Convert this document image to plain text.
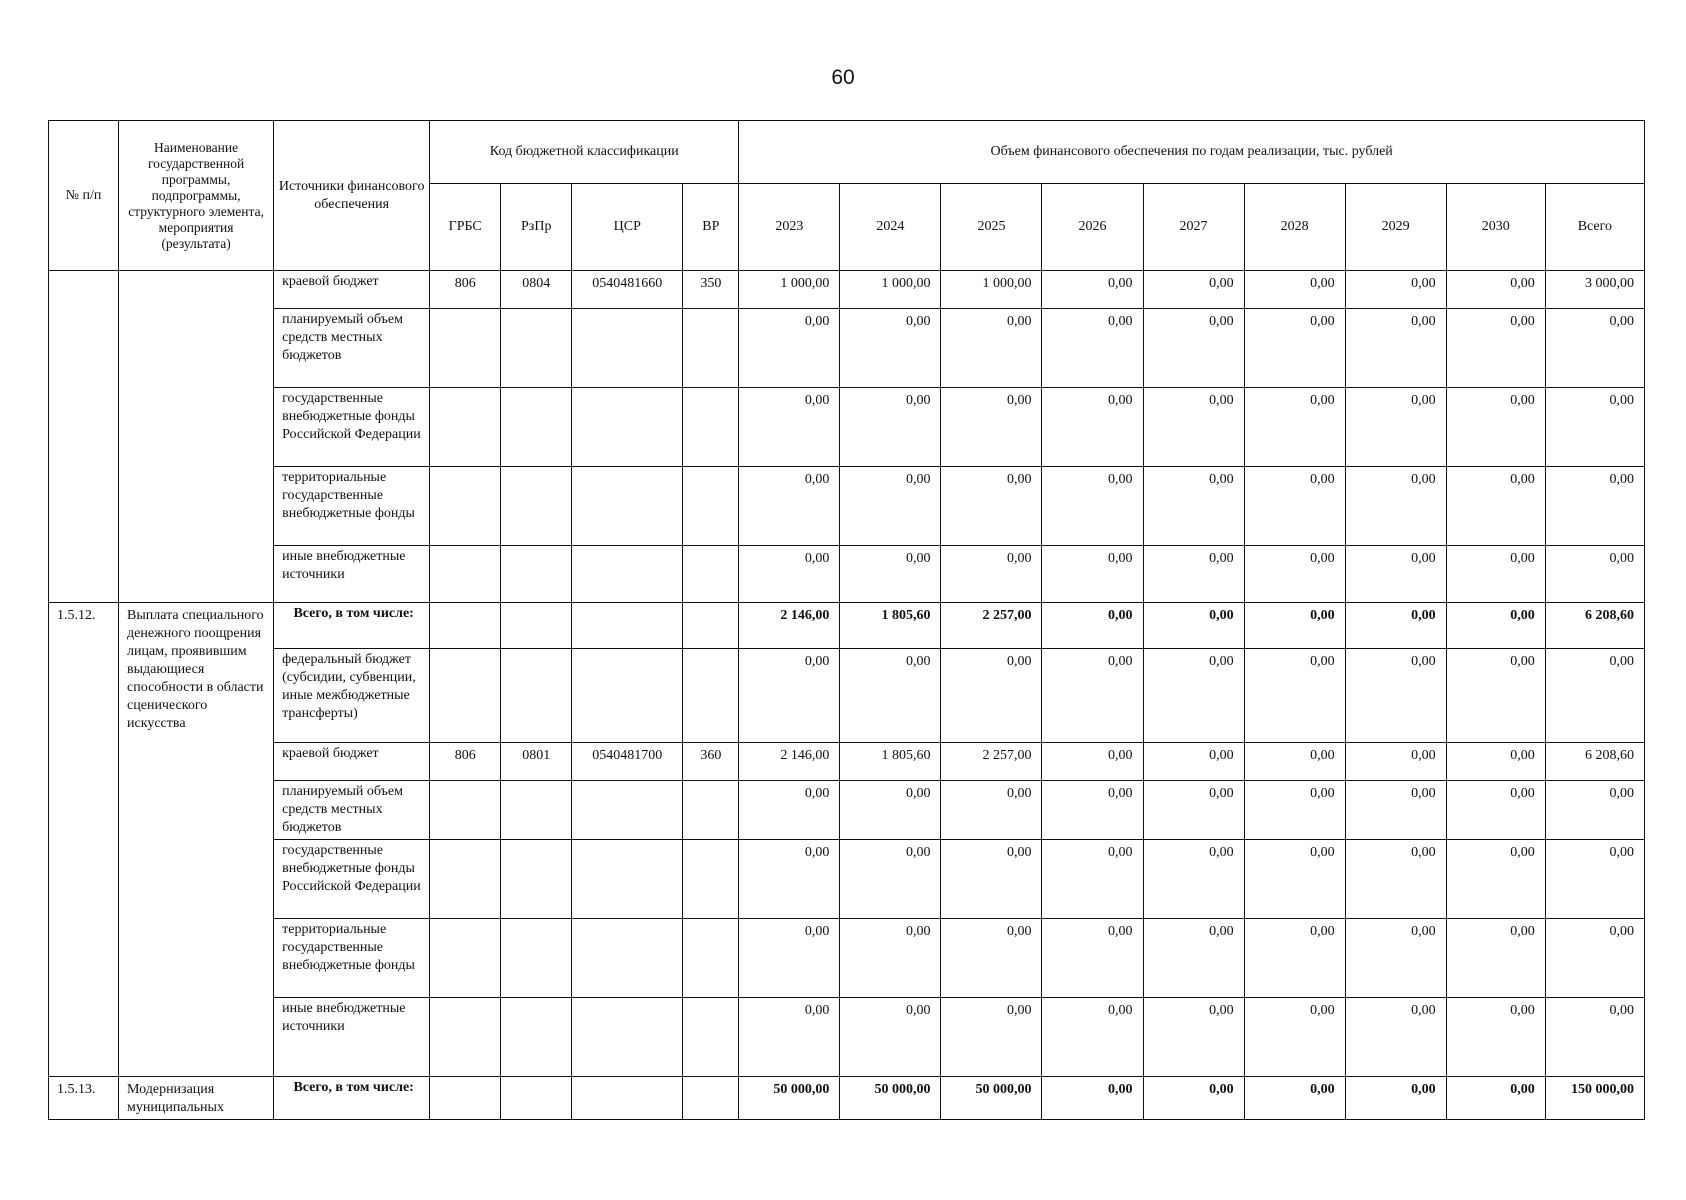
60
№ п/п	Наименование государственной программы, подпрограммы, структурного элемента, мероприятия (результата)	Источники финансового обеспечения	Код бюджетной классификации				Объем финансового обеспечения по годам реализации, тыс. рублей								
			ГРБС	РзПр	ЦСР	ВР	2023	2024	2025	2026	2027	2028	2029	2030	Всего
		краевой бюджет	806	0804	0540481660	350	1 000,00	1 000,00	1 000,00	0,00	0,00	0,00	0,00	0,00	3 000,00
		планируемый объем средств местных бюджетов					0,00	0,00	0,00	0,00	0,00	0,00	0,00	0,00	0,00
		государственные внебюджетные фонды Российской Федерации					0,00	0,00	0,00	0,00	0,00	0,00	0,00	0,00	0,00
		территориальные государственные внебюджетные фонды					0,00	0,00	0,00	0,00	0,00	0,00	0,00	0,00	0,00
		иные внебюджетные источники					0,00	0,00	0,00	0,00	0,00	0,00	0,00	0,00	0,00
1.5.12.	Выплата специального денежного поощрения лицам, проявившим выдающиеся способности в области сценического искусства	Всего, в том числе:					2 146,00	1 805,60	2 257,00	0,00	0,00	0,00	0,00	0,00	6 208,60
		федеральный бюджет (субсидии, субвенции, иные межбюджетные трансферты)					0,00	0,00	0,00	0,00	0,00	0,00	0,00	0,00	0,00
		краевой бюджет	806	0801	0540481700	360	2 146,00	1 805,60	2 257,00	0,00	0,00	0,00	0,00	0,00	6 208,60
		планируемый объем средств местных бюджетов					0,00	0,00	0,00	0,00	0,00	0,00	0,00	0,00	0,00
		государственные внебюджетные фонды Российской Федерации					0,00	0,00	0,00	0,00	0,00	0,00	0,00	0,00	0,00
		территориальные государственные внебюджетные фонды					0,00	0,00	0,00	0,00	0,00	0,00	0,00	0,00	0,00
		иные внебюджетные источники					0,00	0,00	0,00	0,00	0,00	0,00	0,00	0,00	0,00
1.5.13.	Модернизация муниципальных	Всего, в том числе:					50 000,00	50 000,00	50 000,00	0,00	0,00	0,00	0,00	0,00	150 000,00
